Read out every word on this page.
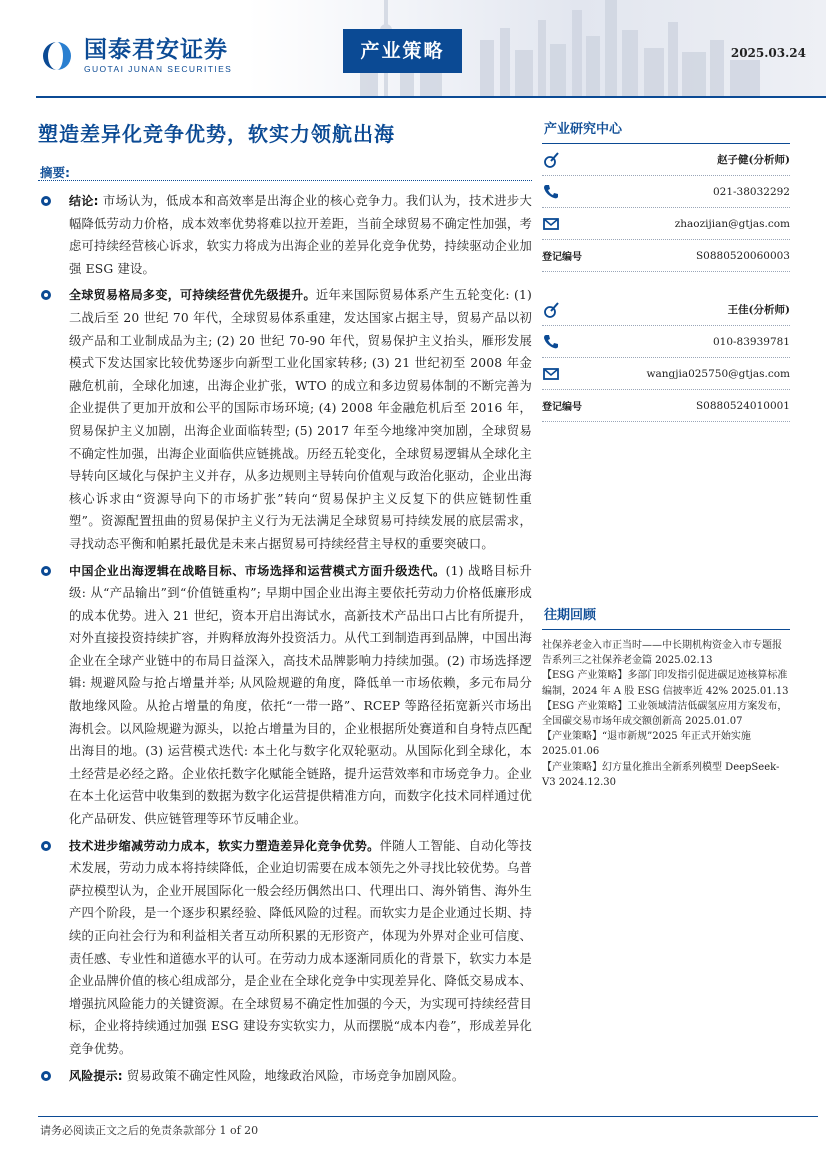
国泰君安证券
GUOTAI JUNAN SECURITIES
产业策略	2025.03.24
塑造差异化竞争优势，软实力领航出海
摘要:

结论: 市场认为，低成本和高效率是出海企业的核心竞争力。我们认为，技术进步大幅降低劳动力价格，成本效率优势将难以拉开差距，当前全球贸易不确定性加强，考虑可持续经营核心诉求，软实力将成为出海企业的差异化竞争优势，持续驱动企业加强 ESG 建设。

全球贸易格局多变，可持续经营优先级提升。近年来国际贸易体系产生五轮变化: (1) 二战后至 20 世纪 70 年代，全球贸易体系重建，发达国家占据主导，贸易产品以初级产品和工业制成品为主; (2) 20 世纪 70-90 年代，贸易保护主义抬头，雁形发展模式下发达国家比较优势逐步向新型工业化国家转移; (3) 21 世纪初至 2008 年金融危机前，全球化加速，出海企业扩张，WTO 的成立和多边贸易体制的不断完善为企业提供了更加开放和公平的国际市场环境; (4) 2008 年金融危机后至 2016 年，贸易保护主义加剧，出海企业面临转型; (5) 2017 年至今地缘冲突加剧，全球贸易不确定性加强，出海企业面临供应链挑战。历经五轮变化，全球贸易逻辑从全球化主导转向区域化与保护主义并存，从多边规则主导转向价值观与政治化驱动，企业出海核心诉求由“资源导向下的市场扩张”转向“贸易保护主义反复下的供应链韧性重塑”。资源配置扭曲的贸易保护主义行为无法满足全球贸易可持续发展的底层需求，寻找动态平衡和帕累托最优是未来占据贸易可持续经营主导权的重要突破口。

中国企业出海逻辑在战略目标、市场选择和运营模式方面升级迭代。(1) 战略目标升级: 从“产品输出”到“价值链重构”; 早期中国企业出海主要依托劳动力价格低廉形成的成本优势。进入 21 世纪，资本开启出海试水，高新技术产品出口占比有所提升，对外直接投资持续扩容，并购释放海外投资活力。从代工到制造再到品牌，中国出海企业在全球产业链中的布局日益深入，高技术品牌影响力持续加强。(2) 市场选择逻辑: 规避风险与抢占增量并举; 从风险规避的角度，降低单一市场依赖，多元布局分散地缘风险。从抢占增量的角度，依托“一带一路”、RCEP 等路径拓宽新兴市场出海机会。以风险规避为源头，以抢占增量为目的，企业根据所处赛道和自身特点匹配出海目的地。(3) 运营模式迭代: 本土化与数字化双轮驱动。从国际化到全球化，本土经营是必经之路。企业依托数字化赋能全链路，提升运营效率和市场竞争力。企业在本土化运营中收集到的数据为数字化运营提供精准方向，而数字化技术同样通过优化产品研发、供应链管理等环节反哺企业。

技术进步缩减劳动力成本，软实力塑造差异化竞争优势。伴随人工智能、自动化等技术发展，劳动力成本将持续降低，企业迫切需要在成本领先之外寻找比较优势。乌普萨拉模型认为，企业开展国际化一般会经历偶然出口、代理出口、海外销售、海外生产四个阶段，是一个逐步积累经验、降低风险的过程。而软实力是企业通过长期、持续的正向社会行为和利益相关者互动所积累的无形资产，体现为外界对企业可信度、责任感、专业性和道德水平的认可。在劳动力成本逐渐同质化的背景下，软实力本是企业品牌价值的核心组成部分，是企业在全球化竞争中实现差异化、降低交易成本、增强抗风险能力的关键资源。在全球贸易不确定性加强的今天，为实现可持续经营目标，企业将持续通过加强 ESG 建设夯实软实力，从而摆脱“成本内卷”，形成差异化竞争优势。

风险提示: 贸易政策不确定性风险，地缘政治风险，市场竞争加剧风险。

产业研究中心
赵子健(分析师)
021-38032292
zhaozijian@gtjas.com
登记编号	S0880520060003
王佳(分析师)
010-83939781
wangjia025750@gtjas.com
登记编号	S0880524010001
往期回顾
社保养老金入市正当时——中长期机构资金入市专题报告系列三之社保养老金篇 2025.02.13
【ESG 产业策略】多部门印发指引促进碳足迹核算标准编制，2024 年 A 股 ESG 信披率近 42% 2025.01.13
【ESG 产业策略】工业领域清洁低碳氢应用方案发布，全国碳交易市场年成交额创新高 2025.01.07
【产业策略】“退市新规”2025 年正式开始实施 2025.01.06
【产业策略】幻方量化推出全新系列模型 DeepSeek-V3 2024.12.30
请务必阅读正文之后的免责条款部分 1 of 20
